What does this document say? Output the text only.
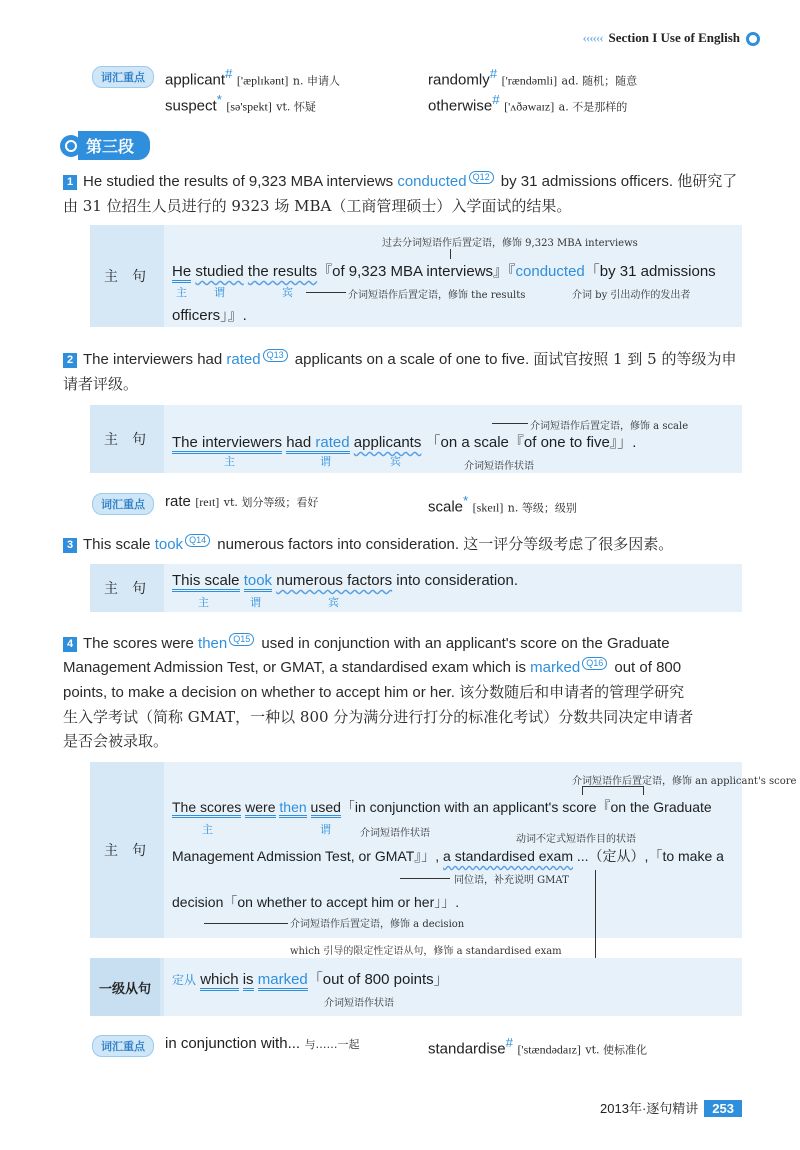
‹‹‹‹‹‹ Section I Use of English
词汇重点	applicant# ['æplɪkənt] n. 申请人	randomly# ['rændəmli] ad. 随机；随意
suspect* [sə'spekt] vt. 怀疑	otherwise# ['ʌðəwaɪz] a. 不是那样的
第三段
1 He studied the results of 9,323 MBA interviews conducted Q12 by 31 admissions officers. 他研究了由 31 位招生人员进行的 9323 场 MBA（工商管理硕士）入学面试的结果。
主　句
过去分词短语作后置定语，修饰 9,323 MBA interviews
He studied the results『of 9,323 MBA interviews』『conducted「by 31 admissions
主 谓	宾	介词短语作后置定语，修饰 the results	介词 by 引出动作的发出者
officers」』.
2 The interviewers had rated Q13 applicants on a scale of one to five. 面试官按照 1 到 5 的等级为申请者评级。
主　句
介词短语作后置定语，修饰 a scale
The interviewers had rated applicants 「on a scale『of one to five』」.
主	谓	宾	介词短语作状语
词汇重点	rate [reɪt] vt. 划分等级；看好	scale* [skeɪl] n. 等级；级别
3 This scale took Q14 numerous factors into consideration. 这一评分等级考虑了很多因素。
主　句	This scale took numerous factors into consideration.
主	谓	宾
4 The scores were then Q15 used in conjunction with an applicant's score on the Graduate
Management Admission Test, or GMAT, a standardised exam which is marked Q16 out of 800
points, to make a decision on whether to accept him or her. 该分数随后和申请者的管理学研究
生入学考试（简称 GMAT，一种以 800 分为满分进行打分的标准化考试）分数共同决定申请者
是否会被录取。
主　句
介词短语作后置定语，修饰 an applicant's score
The scores were then used「in conjunction with an applicant's score『on the Graduate
主	谓	介词短语作状语
动词不定式短语作目的状语
Management Admission Test, or GMAT』」, a standardised exam ...（定从）,「to make a
同位语，补充说明 GMAT
decision「on whether to accept him or her」」.
介词短语作后置定语，修饰 a decision
which 引导的限定性定语从句，修饰 a standardised exam
一级从句
定从 which is marked「out of 800 points」
介词短语作状语
词汇重点	in conjunction with... 与……一起	standardise# ['stændədaɪz] vt. 使标准化
2013年·逐句精讲 253
